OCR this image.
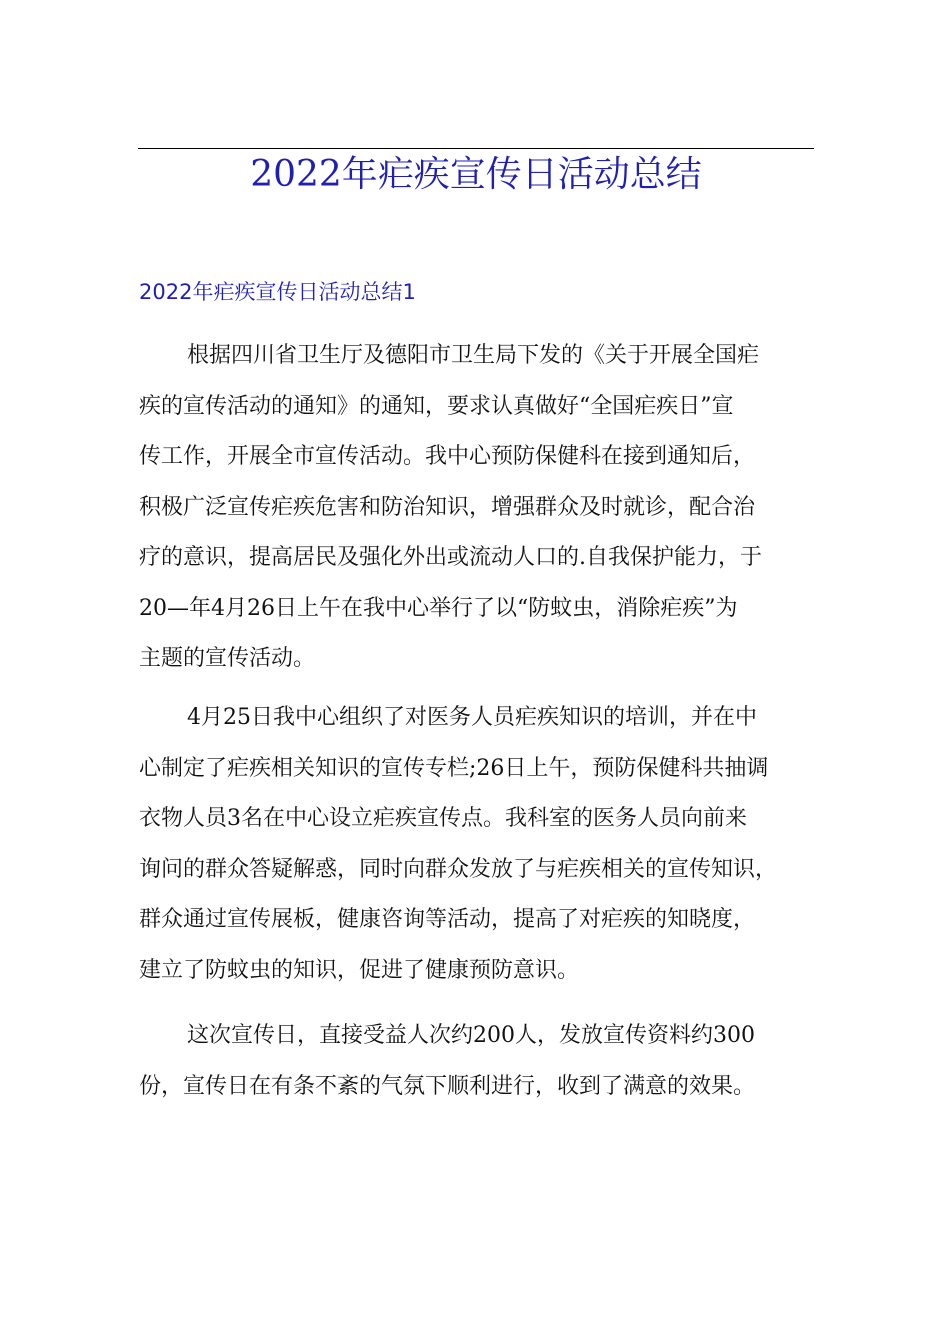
2022年疟疾宣传日活动总结
2022年疟疾宣传日活动总结1
根据四川省卫生厅及德阳市卫生局下发的《关于开展全国疟
疾的宣传活动的通知》的通知，要求认真做好“全国疟疾日”宣
传工作，开展全市宣传活动。我中心预防保健科在接到通知后，
积极广泛宣传疟疾危害和防治知识，增强群众及时就诊，配合治
疗的意识，提高居民及强化外出或流动人口的.自我保护能力，于
20—年4月26日上午在我中心举行了以“防蚊虫，消除疟疾”为
主题的宣传活动。
4月25日我中心组织了对医务人员疟疾知识的培训，并在中
心制定了疟疾相关知识的宣传专栏;26日上午，预防保健科共抽调
衣物人员3名在中心设立疟疾宣传点。我科室的医务人员向前来
询问的群众答疑解惑，同时向群众发放了与疟疾相关的宣传知识，
群众通过宣传展板，健康咨询等活动，提高了对疟疾的知晓度，
建立了防蚊虫的知识，促进了健康预防意识。
这次宣传日，直接受益人次约200人，发放宣传资料约300
份，宣传日在有条不紊的气氛下顺利进行，收到了满意的效果。
